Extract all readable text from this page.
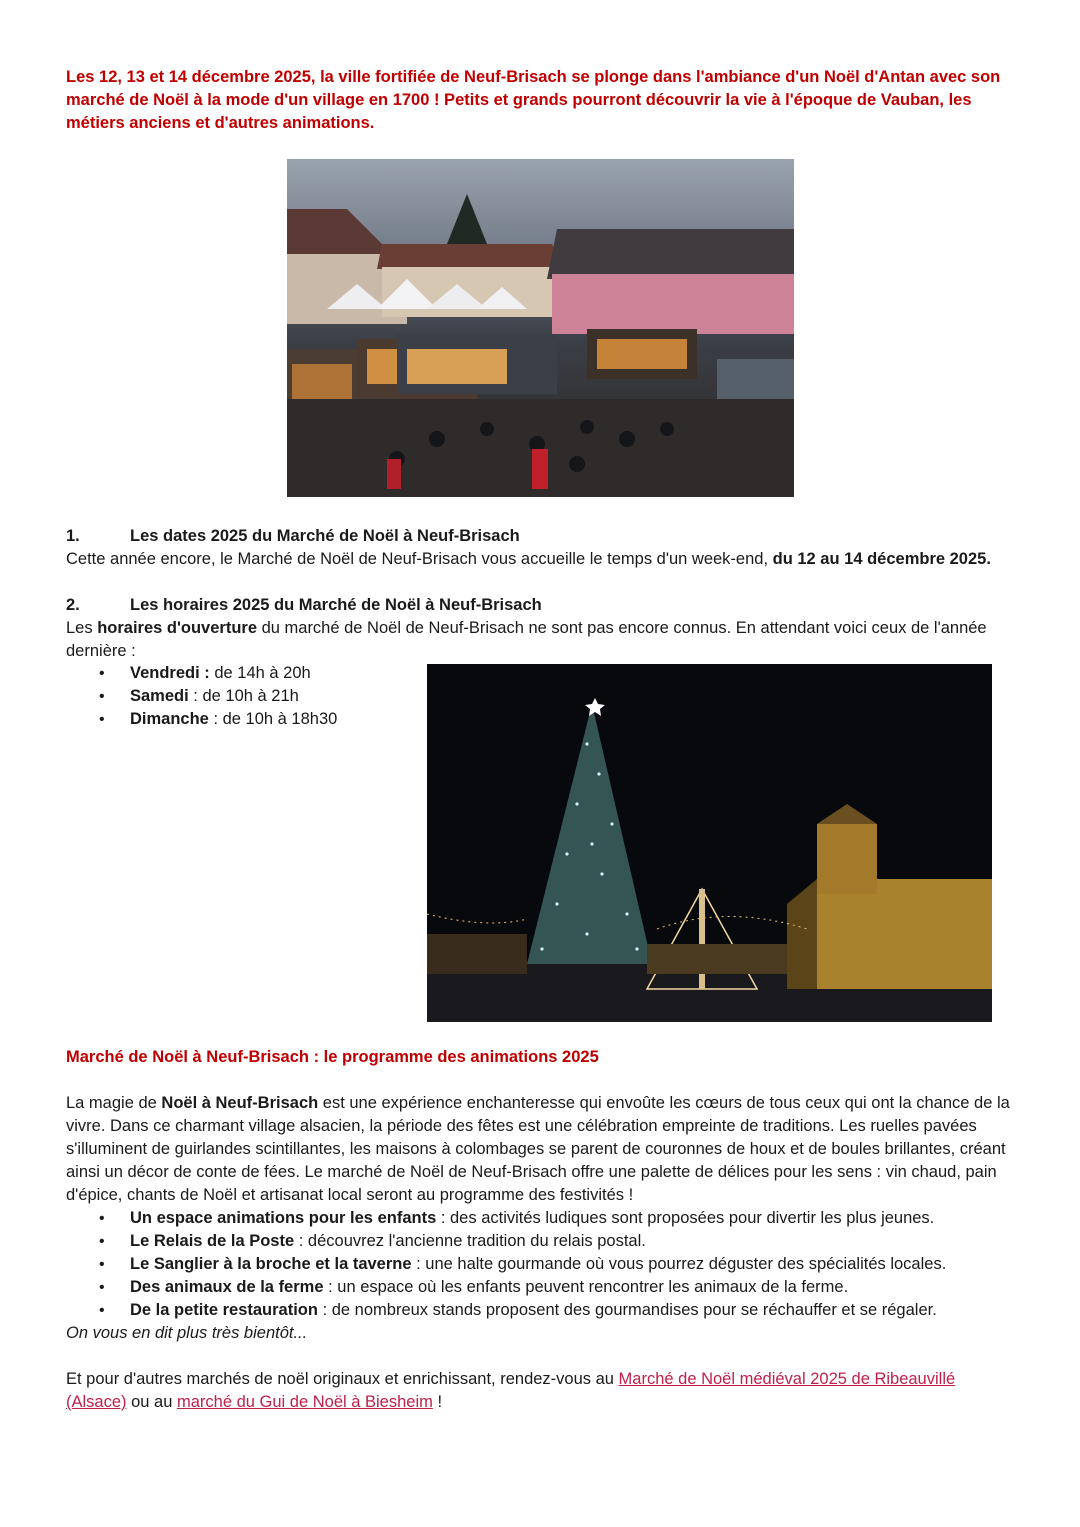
Les 12, 13 et 14 décembre 2025, la ville fortifiée de Neuf-Brisach se plonge dans l'ambiance d'un Noël d'Antan avec son marché de Noël à la mode d'un village en 1700 ! Petits et grands pourront découvrir la vie à l'époque de Vauban, les métiers anciens et d'autres animations.

1.	Les dates 2025 du Marché de Noël à Neuf-Brisach

Cette année encore, le Marché de Noël de Neuf-Brisach vous accueille le temps d'un week-end, du 12 au 14 décembre 2025.

2.	Les horaires 2025 du Marché de Noël à Neuf-Brisach

Les horaires d'ouverture du marché de Noël de Neuf-Brisach ne sont pas encore connus. En attendant voici ceux de l'année
dernière :

• Vendredi : de 14h à 20h
• Samedi : de 10h à 21h
• Dimanche : de 10h à 18h30
Marché de Noël à Neuf-Brisach : le programme des animations 2025

La magie de Noël à Neuf-Brisach est une expérience enchanteresse qui envoûte les cœurs de tous ceux qui ont la chance de la vivre. Dans ce charmant village alsacien, la période des fêtes est une célébration empreinte de traditions. Les ruelles pavées s'illuminent de guirlandes scintillantes, les maisons à colombages se parent de couronnes de houx et de boules brillantes, créant ainsi un décor de conte de fées. Le marché de Noël de Neuf-Brisach offre une palette de délices pour les sens : vin chaud, pain d'épice, chants de Noël et artisanat local seront au programme des festivités !

• Un espace animations pour les enfants : des activités ludiques sont proposées pour divertir les plus jeunes.
• Le Relais de la Poste : découvrez l'ancienne tradition du relais postal.
• Le Sanglier à la broche et la taverne : une halte gourmande où vous pourrez déguster des spécialités locales.
• Des animaux de la ferme : un espace où les enfants peuvent rencontrer les animaux de la ferme.
• De la petite restauration : de nombreux stands proposent des gourmandises pour se réchauffer et se régaler.

On vous en dit plus très bientôt...

Et pour d'autres marchés de noël originaux et enrichissant, rendez-vous au Marché de Noël médiéval 2025 de Ribeauvillé
(Alsace) ou au marché du Gui de Noël à Biesheim !
